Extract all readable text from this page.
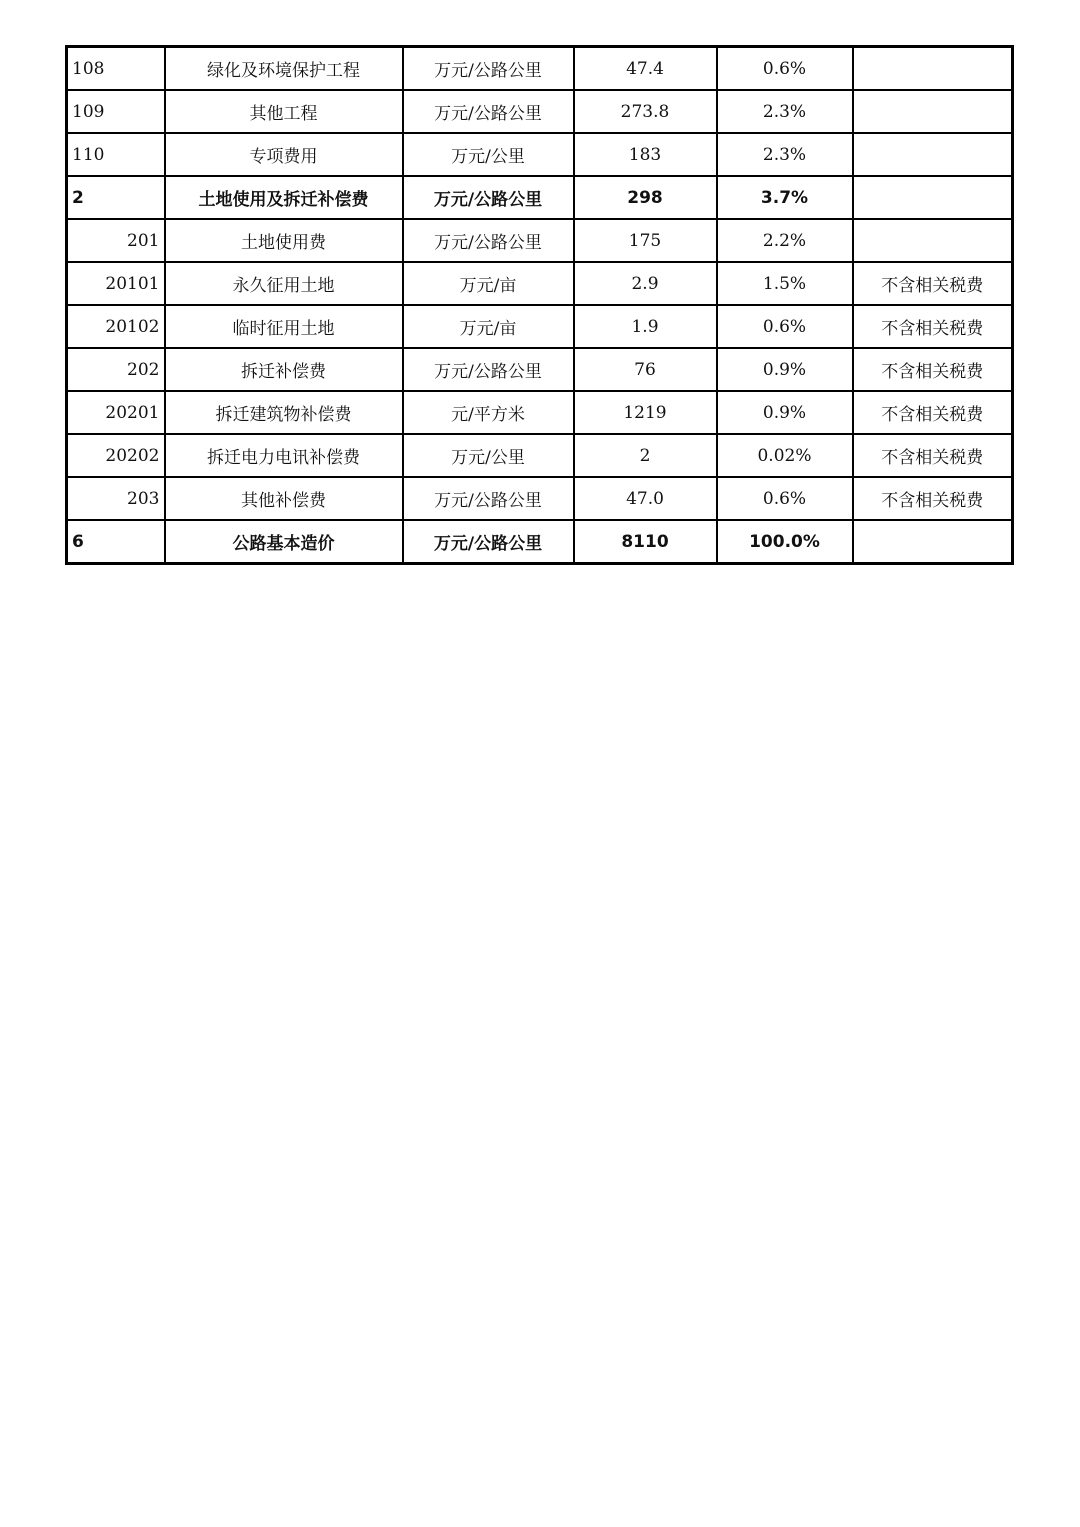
108	绿化及环境保护工程	万元/公路公里	47.4	0.6%	
109	其他工程	万元/公路公里	273.8	2.3%	
110	专项费用	万元/公里	183	2.3%	
2	土地使用及拆迁补偿费	万元/公路公里	298	3.7%	
201	土地使用费	万元/公路公里	175	2.2%	
20101	永久征用土地	万元/亩	2.9	1.5%	不含相关税费
20102	临时征用土地	万元/亩	1.9	0.6%	不含相关税费
202	拆迁补偿费	万元/公路公里	76	0.9%	不含相关税费
20201	拆迁建筑物补偿费	元/平方米	1219	0.9%	不含相关税费
20202	拆迁电力电讯补偿费	万元/公里	2	0.02%	不含相关税费
203	其他补偿费	万元/公路公里	47.0	0.6%	不含相关税费
6	公路基本造价	万元/公路公里	8110	100.0%	
